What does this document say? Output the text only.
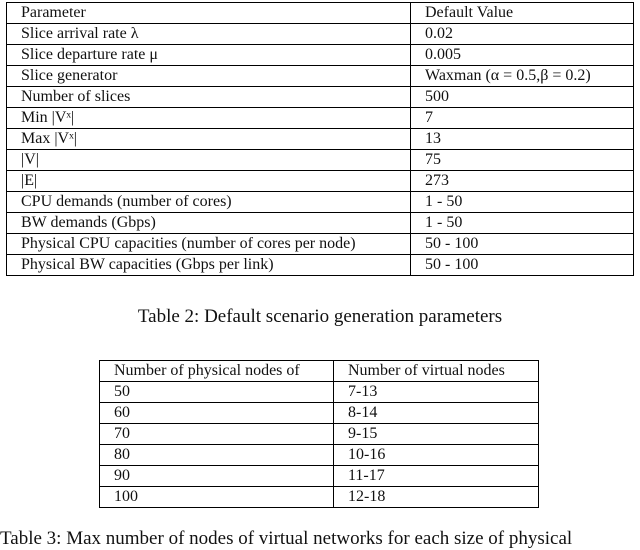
Parameter	Default Value
Slice arrival rate λ	0.02
Slice departure rate μ	0.005
Slice generator	Waxman (α = 0.5,β = 0.2)
Number of slices	500
Min |Vˣ|	7
Max |Vˣ|	13
|V|	75
|E|	273
CPU demands (number of cores)	1 - 50
BW demands (Gbps)	1 - 50
Physical CPU capacities (number of cores per node)	50 - 100
Physical BW capacities (Gbps per link)	50 - 100
Table 2: Default scenario generation parameters
Number of physical nodes of	Number of virtual nodes
50	7-13
60	8-14
70	9-15
80	10-16
90	11-17
100	12-18
Table 3: Max number of nodes of virtual networks for each size of physical
